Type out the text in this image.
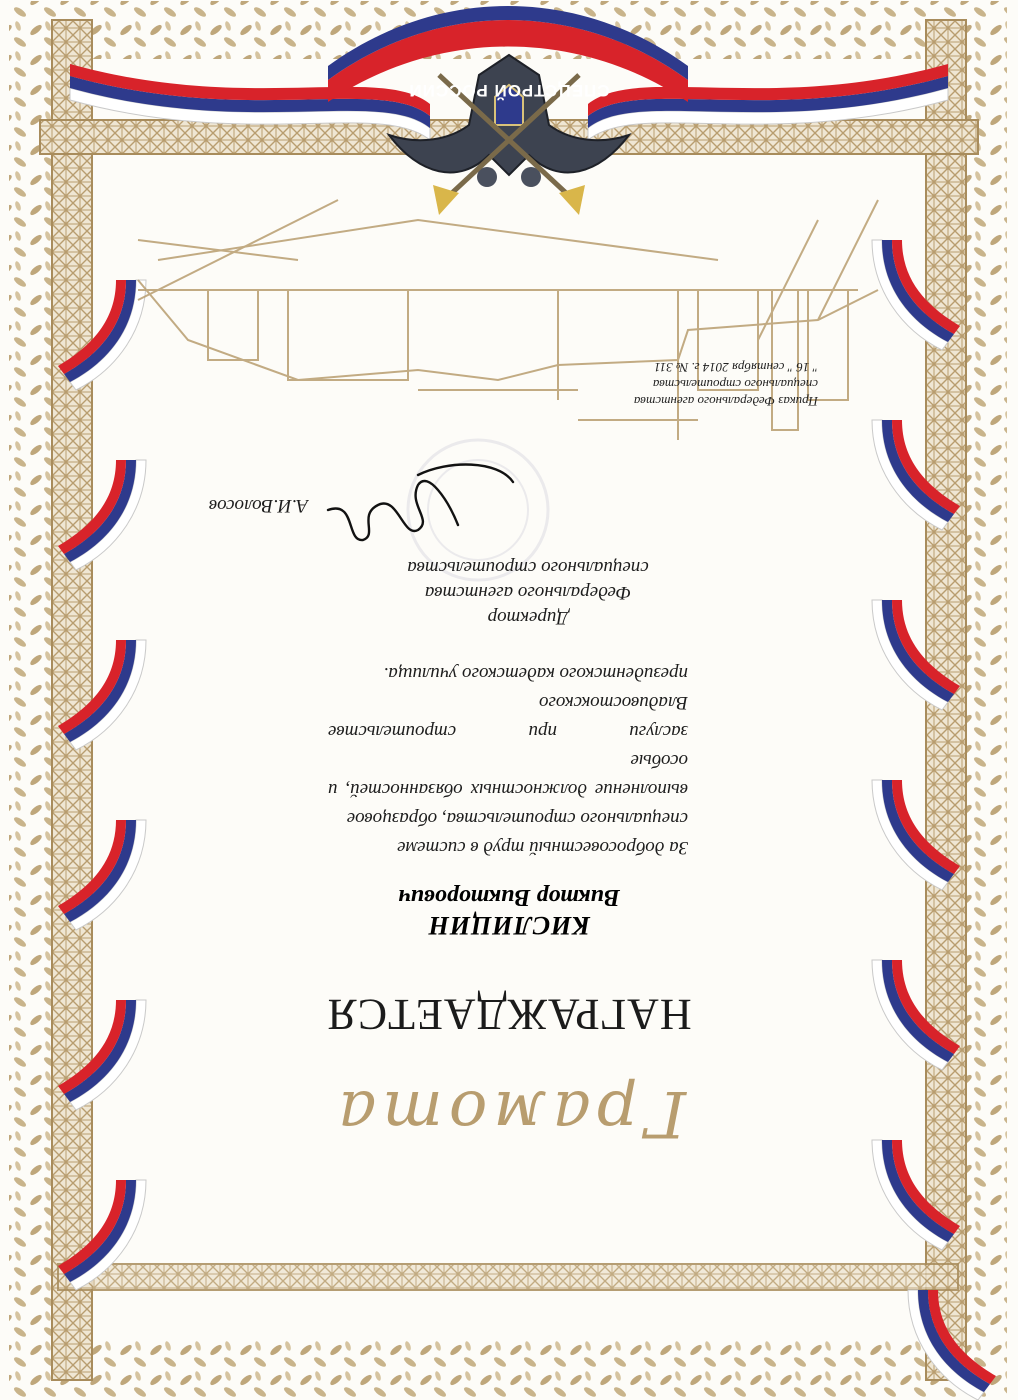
Грамота
НАГРАЖДАЕТСЯ
КИСЛИЦИН
Виктор Викторович
За добросовестный труд в системе
специального строительства, образцовое
выполнение должностных обязанностей, и особые
заслуги при строительстве Владивостокского
президентского кадетского училища.
Директор
Федерального агентства
специального строительства
А.И.Волосов
Приказ Федерального агентства
специального строительства
" 16 " сентября 2014 г. № 311
СПЕЦСТРОЙ РОССИИ
